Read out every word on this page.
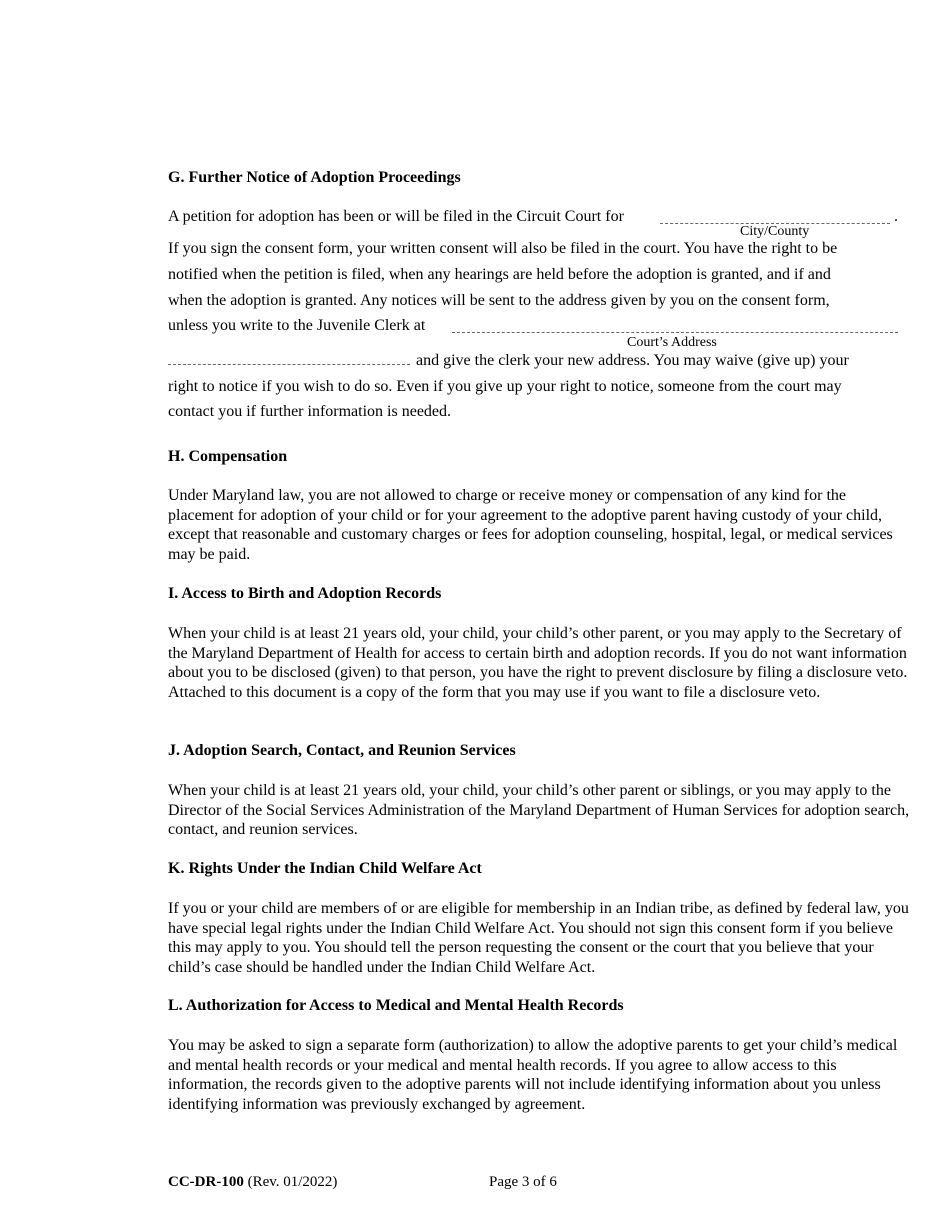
G. Further Notice of Adoption Proceedings

A petition for adoption has been or will be filed in the Circuit Court for	.
City/County
If you sign the consent form, your written consent will also be filed in the court. You have the right to be
notified when the petition is filed, when any hearings are held before the adoption is granted, and if and
when the adoption is granted. Any notices will be sent to the address given by you on the consent form,
unless you write to the Juvenile Clerk at
Court’s Address
and give the clerk your new address. You may waive (give up) your
right to notice if you wish to do so. Even if you give up your right to notice, someone from the court may
contact you if further information is needed.

H. Compensation

Under Maryland law, you are not allowed to charge or receive money or compensation of any kind for the placement for adoption of your child or for your agreement to the adoptive parent having custody of your child, except that reasonable and customary charges or fees for adoption counseling, hospital, legal, or medical services may be paid.

I. Access to Birth and Adoption Records

When your child is at least 21 years old, your child, your child’s other parent, or you may apply to the Secretary of the Maryland Department of Health for access to certain birth and adoption records. If you do not want information about you to be disclosed (given) to that person, you have the right to prevent disclosure by filing a disclosure veto. Attached to this document is a copy of the form that you may use if you want to file a disclosure veto.

J. Adoption Search, Contact, and Reunion Services

When your child is at least 21 years old, your child, your child’s other parent or siblings, or you may apply to the Director of the Social Services Administration of the Maryland Department of Human Services for adoption search, contact, and reunion services.

K. Rights Under the Indian Child Welfare Act

If you or your child are members of or are eligible for membership in an Indian tribe, as defined by federal law, you have special legal rights under the Indian Child Welfare Act. You should not sign this consent form if you believe this may apply to you. You should tell the person requesting the consent or the court that you believe that your child’s case should be handled under the Indian Child Welfare Act.

L. Authorization for Access to Medical and Mental Health Records

You may be asked to sign a separate form (authorization) to allow the adoptive parents to get your child’s medical and mental health records or your medical and mental health records. If you agree to allow access to this information, the records given to the adoptive parents will not include identifying information about you unless identifying information was previously exchanged by agreement.

CC-DR-100 (Rev. 01/2022)	Page 3 of 6
